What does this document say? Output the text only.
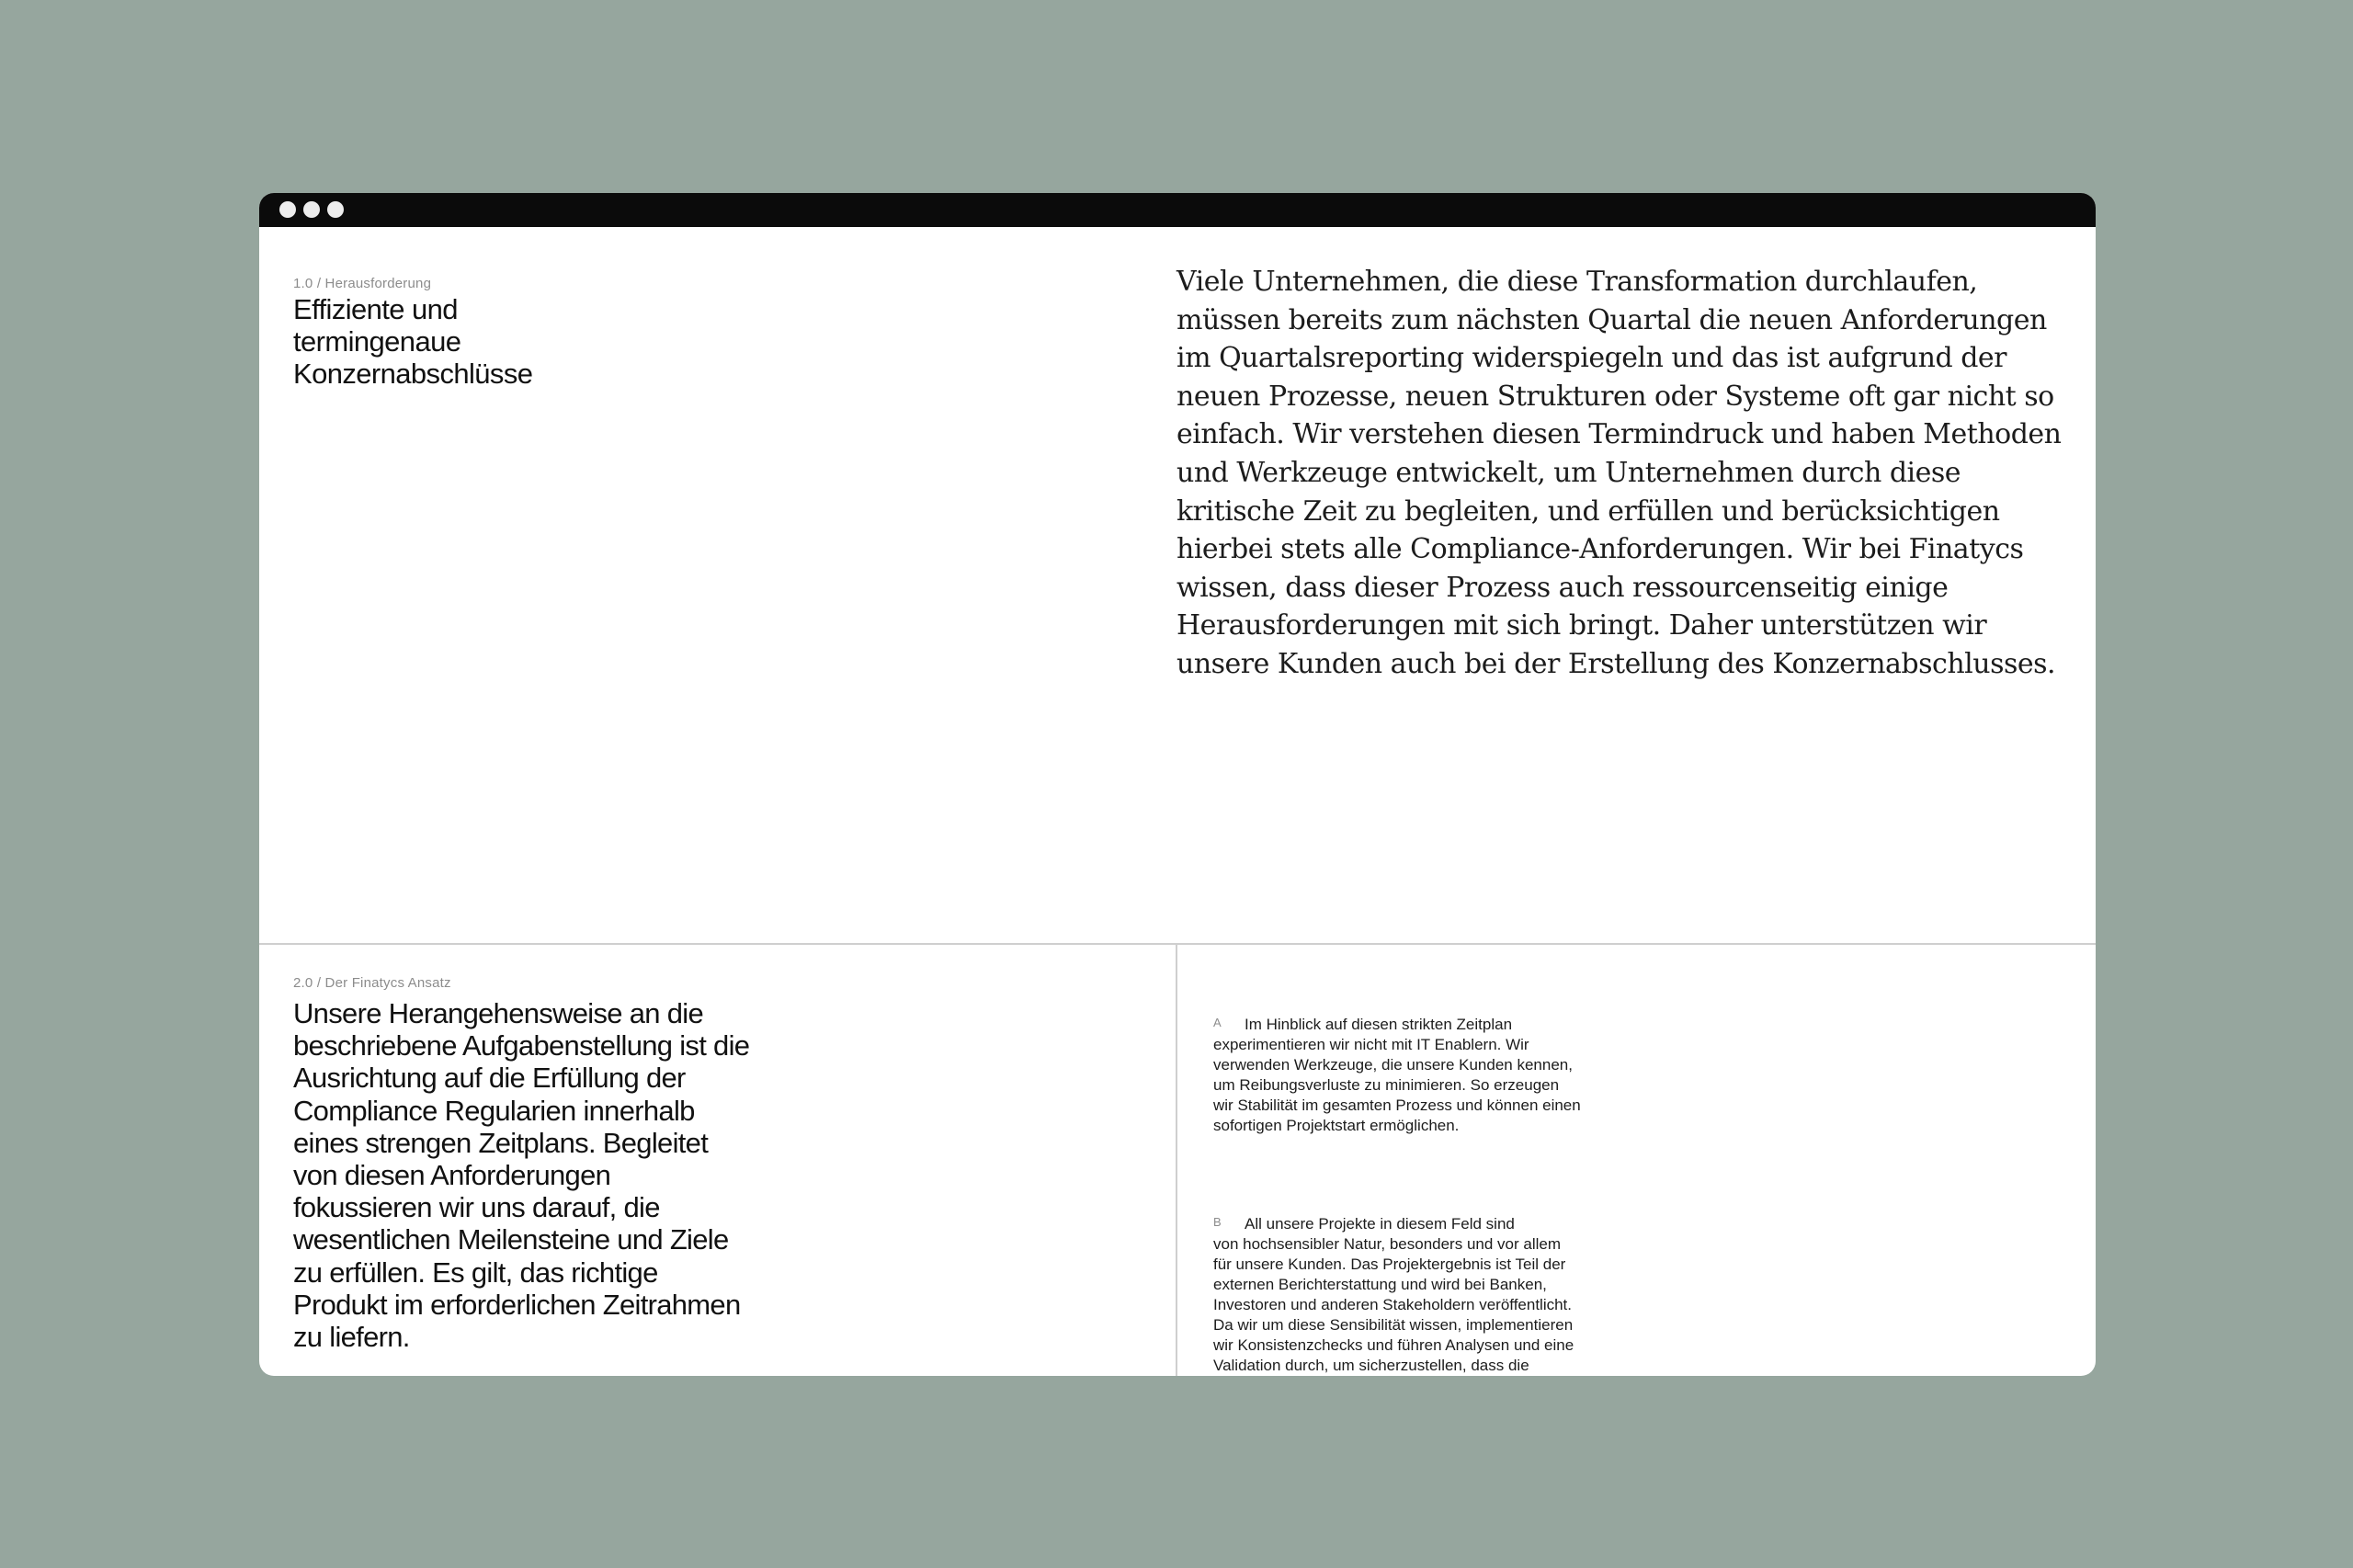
1.0 / Herausforderung
Effiziente und
termingenaue
Konzernabschlüsse

Viele Unternehmen, die diese Transformation durchlaufen, müssen bereits zum nächsten Quartal die neuen Anforderungen im Quartalsreporting widerspiegeln und das ist aufgrund der neuen Prozesse, neuen Strukturen oder Systeme oft gar nicht so einfach. Wir verstehen diesen Termindruck und haben Methoden und Werkzeuge entwickelt, um Unternehmen durch diese kritische Zeit zu begleiten, und erfüllen und berücksichtigen hierbei stets alle Compliance-Anforderungen. Wir bei Finatycs wissen, dass dieser Prozess auch ressourcenseitig einige Herausforderungen mit sich bringt. Daher unterstützen wir unsere Kunden auch bei der Erstellung des Konzernabschlusses.

2.0 / Der Finatycs Ansatz

Unsere Herangehensweise an die beschriebene Aufgabenstellung ist die Ausrichtung auf die Erfüllung der Compliance Regularien innerhalb eines strengen Zeitplans. Begleitet von diesen Anforderungen fokussieren wir uns darauf, die wesentlichen Meilensteine und Ziele zu erfüllen. Es gilt, das richtige Produkt im erforderlichen Zeitrahmen zu liefern.

A	Im Hinblick auf diesen strikten Zeitplan
experimentieren wir nicht mit IT Enablern. Wir verwenden Werkzeuge, die unsere Kunden kennen, um Reibungsverluste zu minimieren. So erzeugen wir Stabilität im gesamten Prozess und können einen sofortigen Projektstart ermöglichen.
B	All unsere Projekte in diesem Feld sind
von hochsensibler Natur, besonders und vor allem für unsere Kunden. Das Projektergebnis ist Teil der externen Berichterstattung und wird bei Banken, Investoren und anderen Stakeholdern veröffentlicht. Da wir um diese Sensibilität wissen, implementieren wir Konsistenzchecks und führen Analysen und eine Validation durch, um sicherzustellen, dass die
